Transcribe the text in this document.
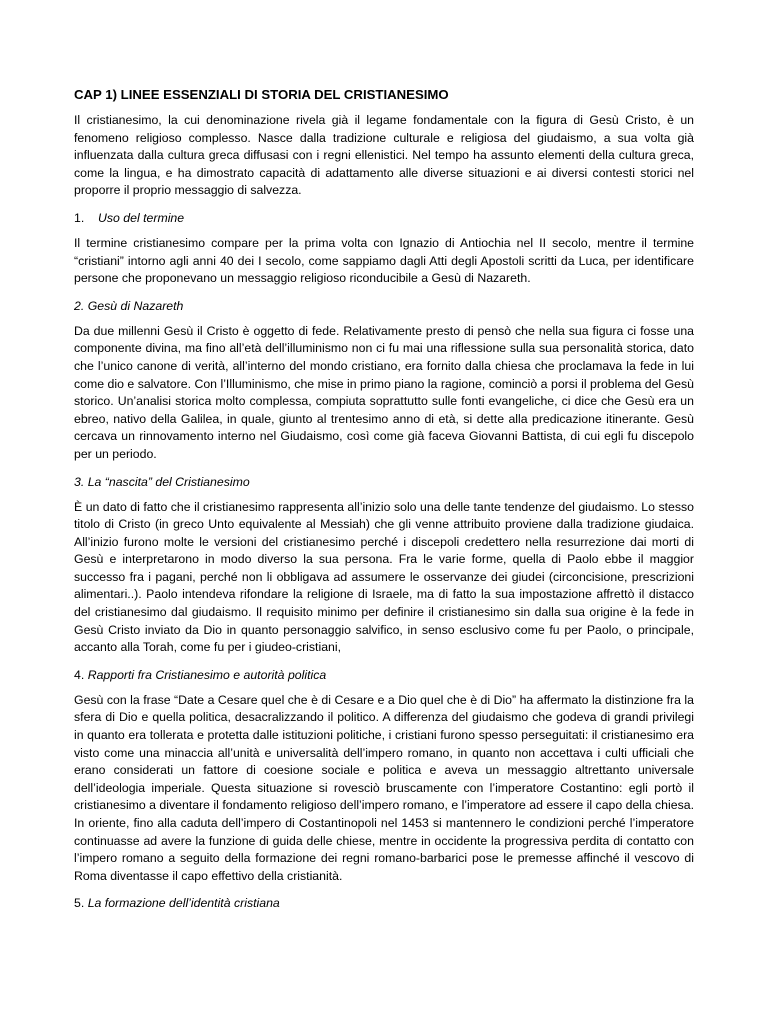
CAP 1) LINEE ESSENZIALI DI STORIA DEL CRISTIANESIMO

Il cristianesimo, la cui denominazione rivela già il legame fondamentale con la figura di Gesù Cristo, è un fenomeno religioso complesso. Nasce dalla tradizione culturale e religiosa del giudaismo, a sua volta già influenzata dalla cultura greca diffusasi con i regni ellenistici. Nel tempo ha assunto elementi della cultura greca, come la lingua, e ha dimostrato capacità di adattamento alle diverse situazioni e ai diversi contesti storici nel proporre il proprio messaggio di salvezza.

1. Uso del termine

Il termine cristianesimo compare per la prima volta con Ignazio di Antiochia nel II secolo, mentre il termine “cristiani” intorno agli anni 40 dei I secolo, come sappiamo dagli Atti degli Apostoli scritti da Luca, per identificare persone che proponevano un messaggio religioso riconducibile a Gesù di Nazareth.

2. Gesù di Nazareth

Da due millenni Gesù il Cristo è oggetto di fede. Relativamente presto di pensò che nella sua figura ci fosse una componente divina, ma fino all’età dell’illuminismo non ci fu mai una riflessione sulla sua personalità storica, dato che l’unico canone di verità, all’interno del mondo cristiano, era fornito dalla chiesa che proclamava la fede in lui come dio e salvatore. Con l’Illuminismo, che mise in primo piano la ragione, cominciò a porsi il problema del Gesù storico. Un’analisi storica molto complessa, compiuta soprattutto sulle fonti evangeliche, ci dice che Gesù era un ebreo, nativo della Galilea, in quale, giunto al trentesimo anno di età, si dette alla predicazione itinerante. Gesù cercava un rinnovamento interno nel Giudaismo, così come già faceva Giovanni Battista, di cui egli fu discepolo per un periodo.

3. La “nascita” del Cristianesimo

È un dato di fatto che il cristianesimo rappresenta all’inizio solo una delle tante tendenze del giudaismo. Lo stesso titolo di Cristo (in greco Unto equivalente al Messiah) che gli venne attribuito proviene dalla tradizione giudaica. All’inizio furono molte le versioni del cristianesimo perché i discepoli credettero nella resurrezione dai morti di Gesù e interpretarono in modo diverso la sua persona. Fra le varie forme, quella di Paolo ebbe il maggior successo fra i pagani, perché non li obbligava ad assumere le osservanze dei giudei (circoncisione, prescrizioni alimentari..). Paolo intendeva rifondare la religione di Israele, ma di fatto la sua impostazione affrettò il distacco del cristianesimo dal giudaismo. Il requisito minimo per definire il cristianesimo sin dalla sua origine è la fede in Gesù Cristo inviato da Dio in quanto personaggio salvifico, in senso esclusivo come fu per Paolo, o principale, accanto alla Torah, come fu per i giudeo-cristiani,

4. Rapporti fra Cristianesimo e autorità politica

Gesù con la frase “Date a Cesare quel che è di Cesare e a Dio quel che è di Dio” ha affermato la distinzione fra la sfera di Dio e quella politica, desacralizzando il politico. A differenza del giudaismo che godeva di grandi privilegi in quanto era tollerata e protetta dalle istituzioni politiche, i cristiani furono spesso perseguitati: il cristianesimo era visto come una minaccia all’unità e universalità dell’impero romano, in quanto non accettava i culti ufficiali che erano considerati un fattore di coesione sociale e politica e aveva un messaggio altrettanto universale dell’ideologia imperiale. Questa situazione si rovesciò bruscamente con l’imperatore Costantino: egli portò il cristianesimo a diventare il fondamento religioso dell’impero romano, e l’imperatore ad essere il capo della chiesa. In oriente, fino alla caduta dell’impero di Costantinopoli nel 1453 si mantennero le condizioni perché l’imperatore continuasse ad avere la funzione di guida delle chiese, mentre in occidente la progressiva perdita di contatto con l’impero romano a seguito della formazione dei regni romano-barbarici pose le premesse affinché il vescovo di Roma diventasse il capo effettivo della cristianità.

5. La formazione dell’identità cristiana
